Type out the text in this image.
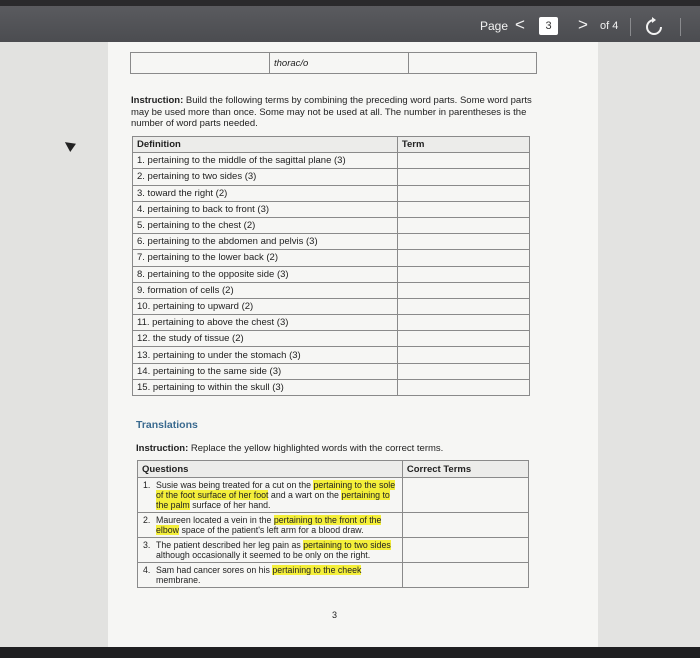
Page <	3	> of 4
	thorac/o	
Instruction: Build the following terms by combining the preceding word parts. Some word parts may be used more than once. Some may not be used at all. The number in parentheses is the number of word parts needed.
Definition	Term
1. pertaining to the middle of the sagittal plane (3)	
2. pertaining to two sides (3)	
3. toward the right (2)	
4. pertaining to back to front (3)	
5. pertaining to the chest (2)	
6. pertaining to the abdomen and pelvis (3)	
7. pertaining to the lower back (2)	
8. pertaining to the opposite side (3)	
9. formation of cells (2)	
10. pertaining to upward (2)	
11. pertaining to above the chest (3)	
12. the study of tissue (2)	
13. pertaining to under the stomach (3)	
14. pertaining to the same side (3)	
15. pertaining to within the skull (3)	
Translations
Instruction: Replace the yellow highlighted words with the correct terms.
Questions	Correct Terms

1. Susie was being treated for a cut on the pertaining to the sole of the foot surface of her foot and a wart on the pertaining to the palm surface of her hand.	

2. Maureen located a vein in the pertaining to the front of the elbow space of the patient's left arm for a blood draw.	

3. The patient described her leg pain as pertaining to two sides although occasionally it seemed to be only on the right.	

4. Sam had cancer sores on his pertaining to the cheek membrane.	
3
